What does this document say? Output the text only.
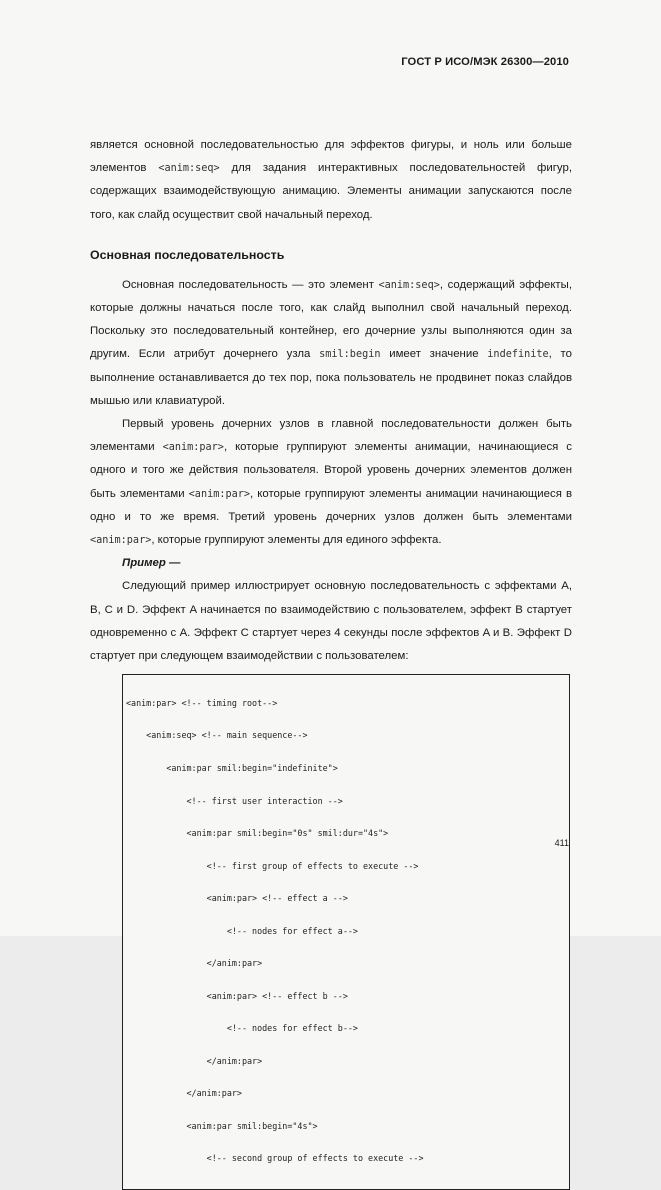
ГОСТ Р ИСО/МЭК 26300—2010

является основной последовательностью для эффектов фигуры, и ноль или больше элементов <anim:seq> для задания интерактивных последовательностей фигур, содержащих взаимодействующую анимацию. Элементы анимации запускаются после того, как слайд осуществит свой начальный переход.

Основная последовательность

Основная последовательность — это элемент <anim:seq>, содержащий эффекты, которые должны начаться после того, как слайд выполнил свой начальный переход. Поскольку это последовательный контейнер, его дочерние узлы выполняются один за другим. Если атрибут дочернего узла smil:begin имеет значение indefinite, то выполнение останавливается до тех пор, пока пользователь не продвинет показ слайдов мышью или клавиатурой.

Первый уровень дочерних узлов в главной последовательности должен быть элементами <anim:par>, которые группируют элементы анимации, начинающиеся с одного и того же действия пользователя. Второй уровень дочерних элементов должен быть элементами <anim:par>, которые группируют элементы анимации начинающиеся в одно и то же время. Третий уровень дочерних узлов должен быть элементами <anim:par>, которые группируют элементы для единого эффекта.

Пример —

Следующий пример иллюстрирует основную последовательность с эффектами A, B, C и D. Эффект A начинается по взаимодействию с пользователем, эффект B стартует одновременно с A. Эффект C стартует через 4 секунды после эффектов A и B. Эффект D стартует при следующем взаимодействии с пользователем:

<anim:par> <!-- timing root-->

<anim:seq> <!-- main sequence-->

<anim:par smil:begin="indefinite">

<!-- first user interaction -->

<anim:par smil:begin="0s" smil:dur="4s">

<!-- first group of effects to execute -->

<anim:par> <!-- effect a -->

<!-- nodes for effect a-->

</anim:par>

<anim:par> <!-- effect b -->

<!-- nodes for effect b-->

</anim:par>

</anim:par>

<anim:par smil:begin="4s">

<!-- second group of effects to execute -->

411
